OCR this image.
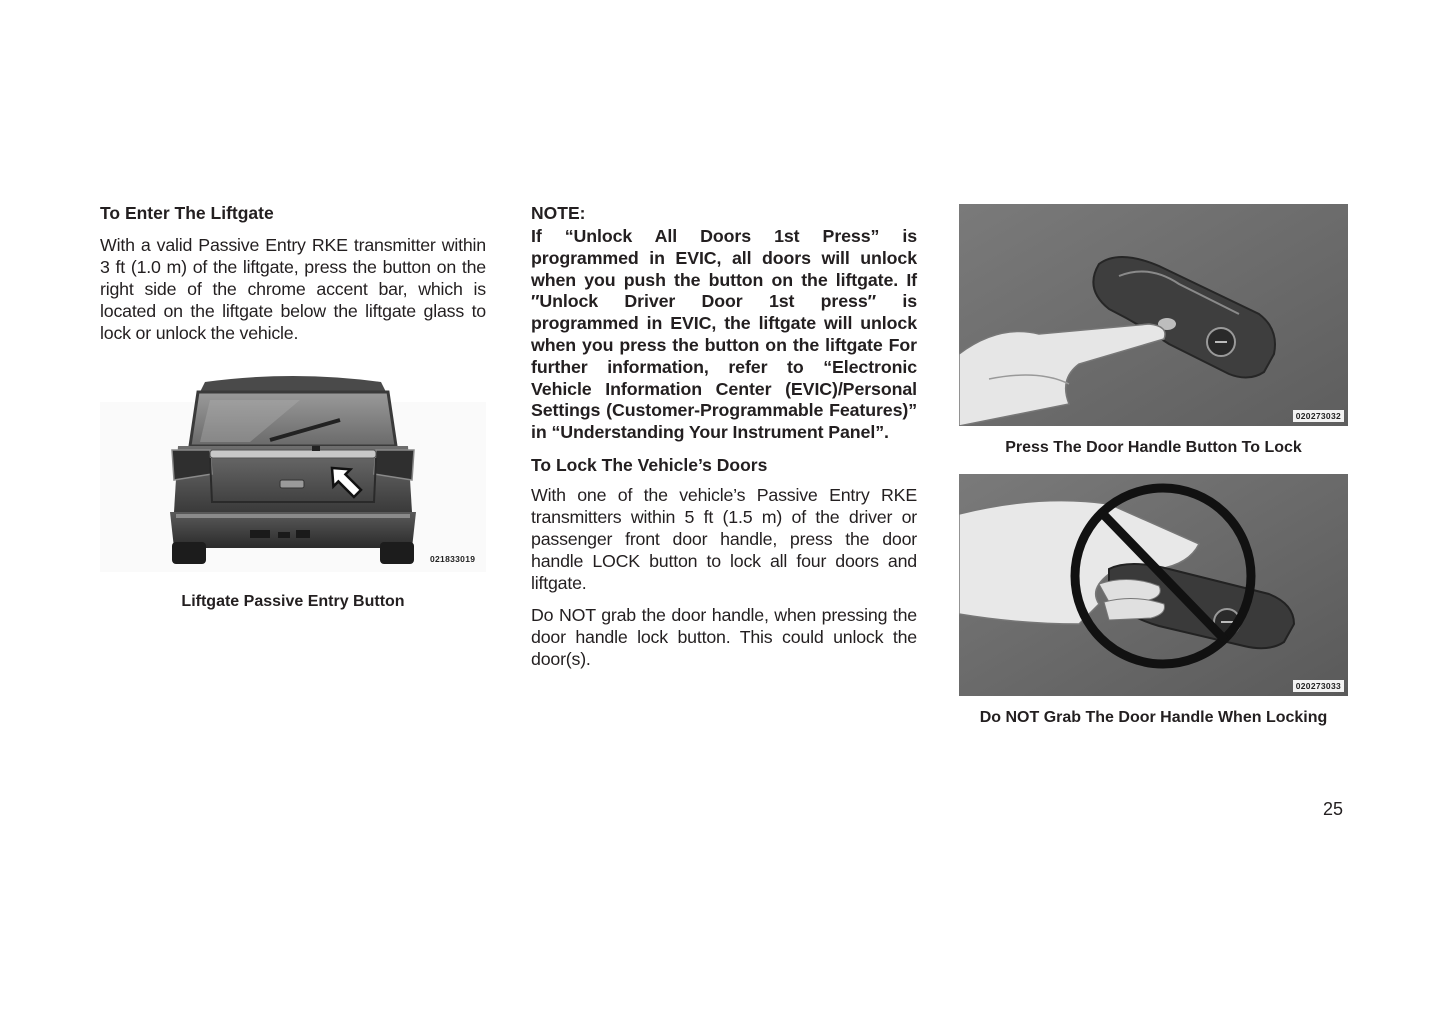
To Enter The Liftgate

With a valid Passive Entry RKE transmitter within 3 ft (1.0 m) of the liftgate, press the button on the right side of the chrome accent bar, which is located on the liftgate below the liftgate glass to lock or unlock the vehicle.

021833019
Liftgate Passive Entry Button
NOTE:

If “Unlock All Doors 1st Press” is programmed in EVIC, all doors will unlock when you push the button on the liftgate. If ″Unlock Driver Door 1st press″ is programmed in EVIC, the liftgate will unlock when you press the button on the liftgate For further information, refer to “Electronic Vehicle Information Center (EVIC)/Personal Settings (Customer-Programmable Features)” in “Understanding Your Instrument Panel”.

To Lock The Vehicle’s Doors

With one of the vehicle’s Passive Entry RKE transmitters within 5 ft (1.5 m) of the driver or passenger front door handle, press the door handle LOCK button to lock all four doors and liftgate.

Do NOT grab the door handle, when pressing the door handle lock button. This could unlock the door(s).

020273032
Press The Door Handle Button To Lock
020273033
Do NOT Grab The Door Handle When Locking
25
